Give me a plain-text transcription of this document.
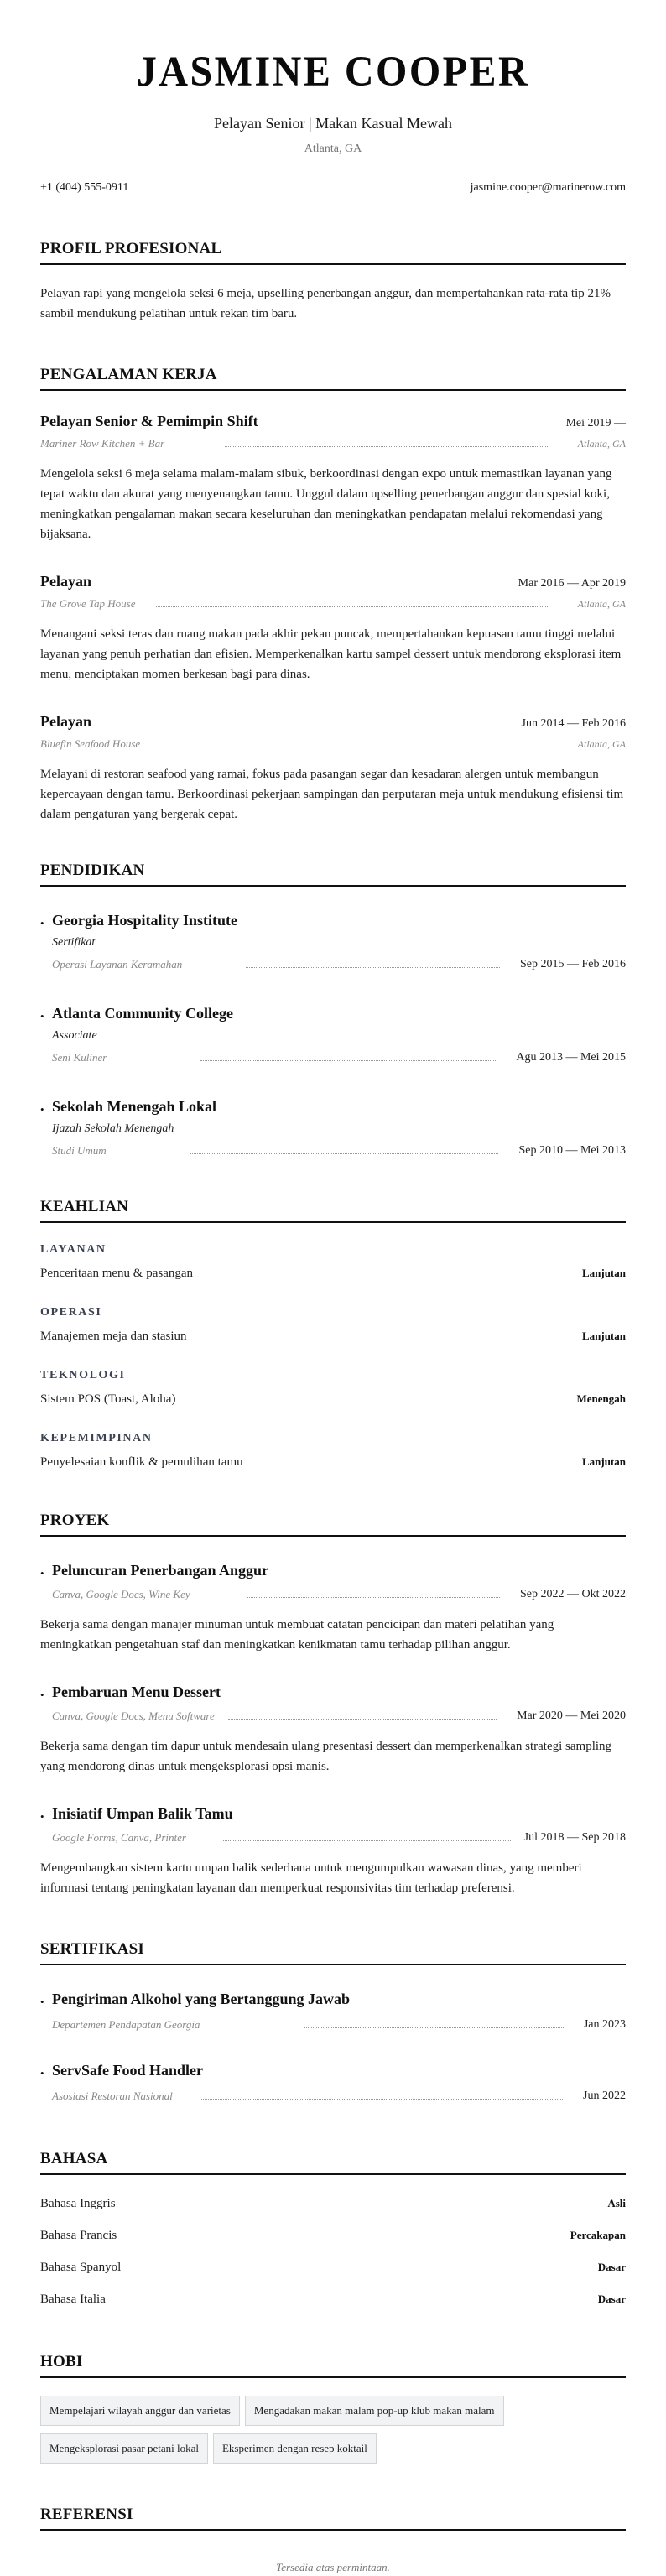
JASMINE COOPER
Pelayan Senior | Makan Kasual Mewah
Atlanta, GA
+1 (404) 555-0911	jasmine.cooper@marinerow.com
PROFIL PROFESIONAL

Pelayan rapi yang mengelola seksi 6 meja, upselling penerbangan anggur, dan mempertahankan rata-rata tip 21% sambil mendukung pelatihan untuk rekan tim baru.

PENGALAMAN KERJA
Pelayan Senior & Pemimpin Shift	Mei 2019 —
Mariner Row Kitchen + Bar	Atlanta, GA

Mengelola seksi 6 meja selama malam-malam sibuk, berkoordinasi dengan expo untuk memastikan layanan yang tepat waktu dan akurat yang menyenangkan tamu. Unggul dalam upselling penerbangan anggur dan spesial koki, meningkatkan pengalaman makan secara keseluruhan dan meningkatkan pendapatan melalui rekomendasi yang bijaksana.

Pelayan	Mar 2016 — Apr 2019
The Grove Tap House	Atlanta, GA

Menangani seksi teras dan ruang makan pada akhir pekan puncak, mempertahankan kepuasan tamu tinggi melalui layanan yang penuh perhatian dan efisien. Memperkenalkan kartu sampel dessert untuk mendorong eksplorasi item menu, menciptakan momen berkesan bagi para dinas.

Pelayan	Jun 2014 — Feb 2016
Bluefin Seafood House	Atlanta, GA

Melayani di restoran seafood yang ramai, fokus pada pasangan segar dan kesadaran alergen untuk membangun kepercayaan dengan tamu. Berkoordinasi pekerjaan sampingan dan perputaran meja untuk mendukung efisiensi tim dalam pengaturan yang bergerak cepat.

PENDIDIKAN
• Georgia Hospitality Institute
Sertifikat
Operasi Layanan Keramahan	Sep 2015 — Feb 2016
• Atlanta Community College
Associate
Seni Kuliner	Agu 2013 — Mei 2015
• Sekolah Menengah Lokal
Ijazah Sekolah Menengah
Studi Umum	Sep 2010 — Mei 2013
KEAHLIAN
LAYANAN
Penceritaan menu & pasangan	Lanjutan
OPERASI
Manajemen meja dan stasiun	Lanjutan
TEKNOLOGI
Sistem POS (Toast, Aloha)	Menengah
KEPEMIMPINAN
Penyelesaian konflik & pemulihan tamu	Lanjutan
PROYEK
• Peluncuran Penerbangan Anggur
Canva, Google Docs, Wine Key	Sep 2022 — Okt 2022

Bekerja sama dengan manajer minuman untuk membuat catatan pencicipan dan materi pelatihan yang meningkatkan pengetahuan staf dan meningkatkan kenikmatan tamu terhadap pilihan anggur.

• Pembaruan Menu Dessert
Canva, Google Docs, Menu Software	Mar 2020 — Mei 2020

Bekerja sama dengan tim dapur untuk mendesain ulang presentasi dessert dan memperkenalkan strategi sampling yang mendorong dinas untuk mengeksplorasi opsi manis.

• Inisiatif Umpan Balik Tamu
Google Forms, Canva, Printer	Jul 2018 — Sep 2018

Mengembangkan sistem kartu umpan balik sederhana untuk mengumpulkan wawasan dinas, yang memberi informasi tentang peningkatan layanan dan memperkuat responsivitas tim terhadap preferensi.

SERTIFIKASI
• Pengiriman Alkohol yang Bertanggung Jawab
Departemen Pendapatan Georgia	Jan 2023
• ServSafe Food Handler
Asosiasi Restoran Nasional	Jun 2022
BAHASA
Bahasa Inggris	Asli
Bahasa Prancis	Percakapan
Bahasa Spanyol	Dasar
Bahasa Italia	Dasar
HOBI
Mempelajari wilayah anggur dan varietas	Mengadakan makan malam pop-up klub makan malam
Mengeksplorasi pasar petani lokal	Eksperimen dengan resep koktail
REFERENSI

Tersedia atas permintaan.
